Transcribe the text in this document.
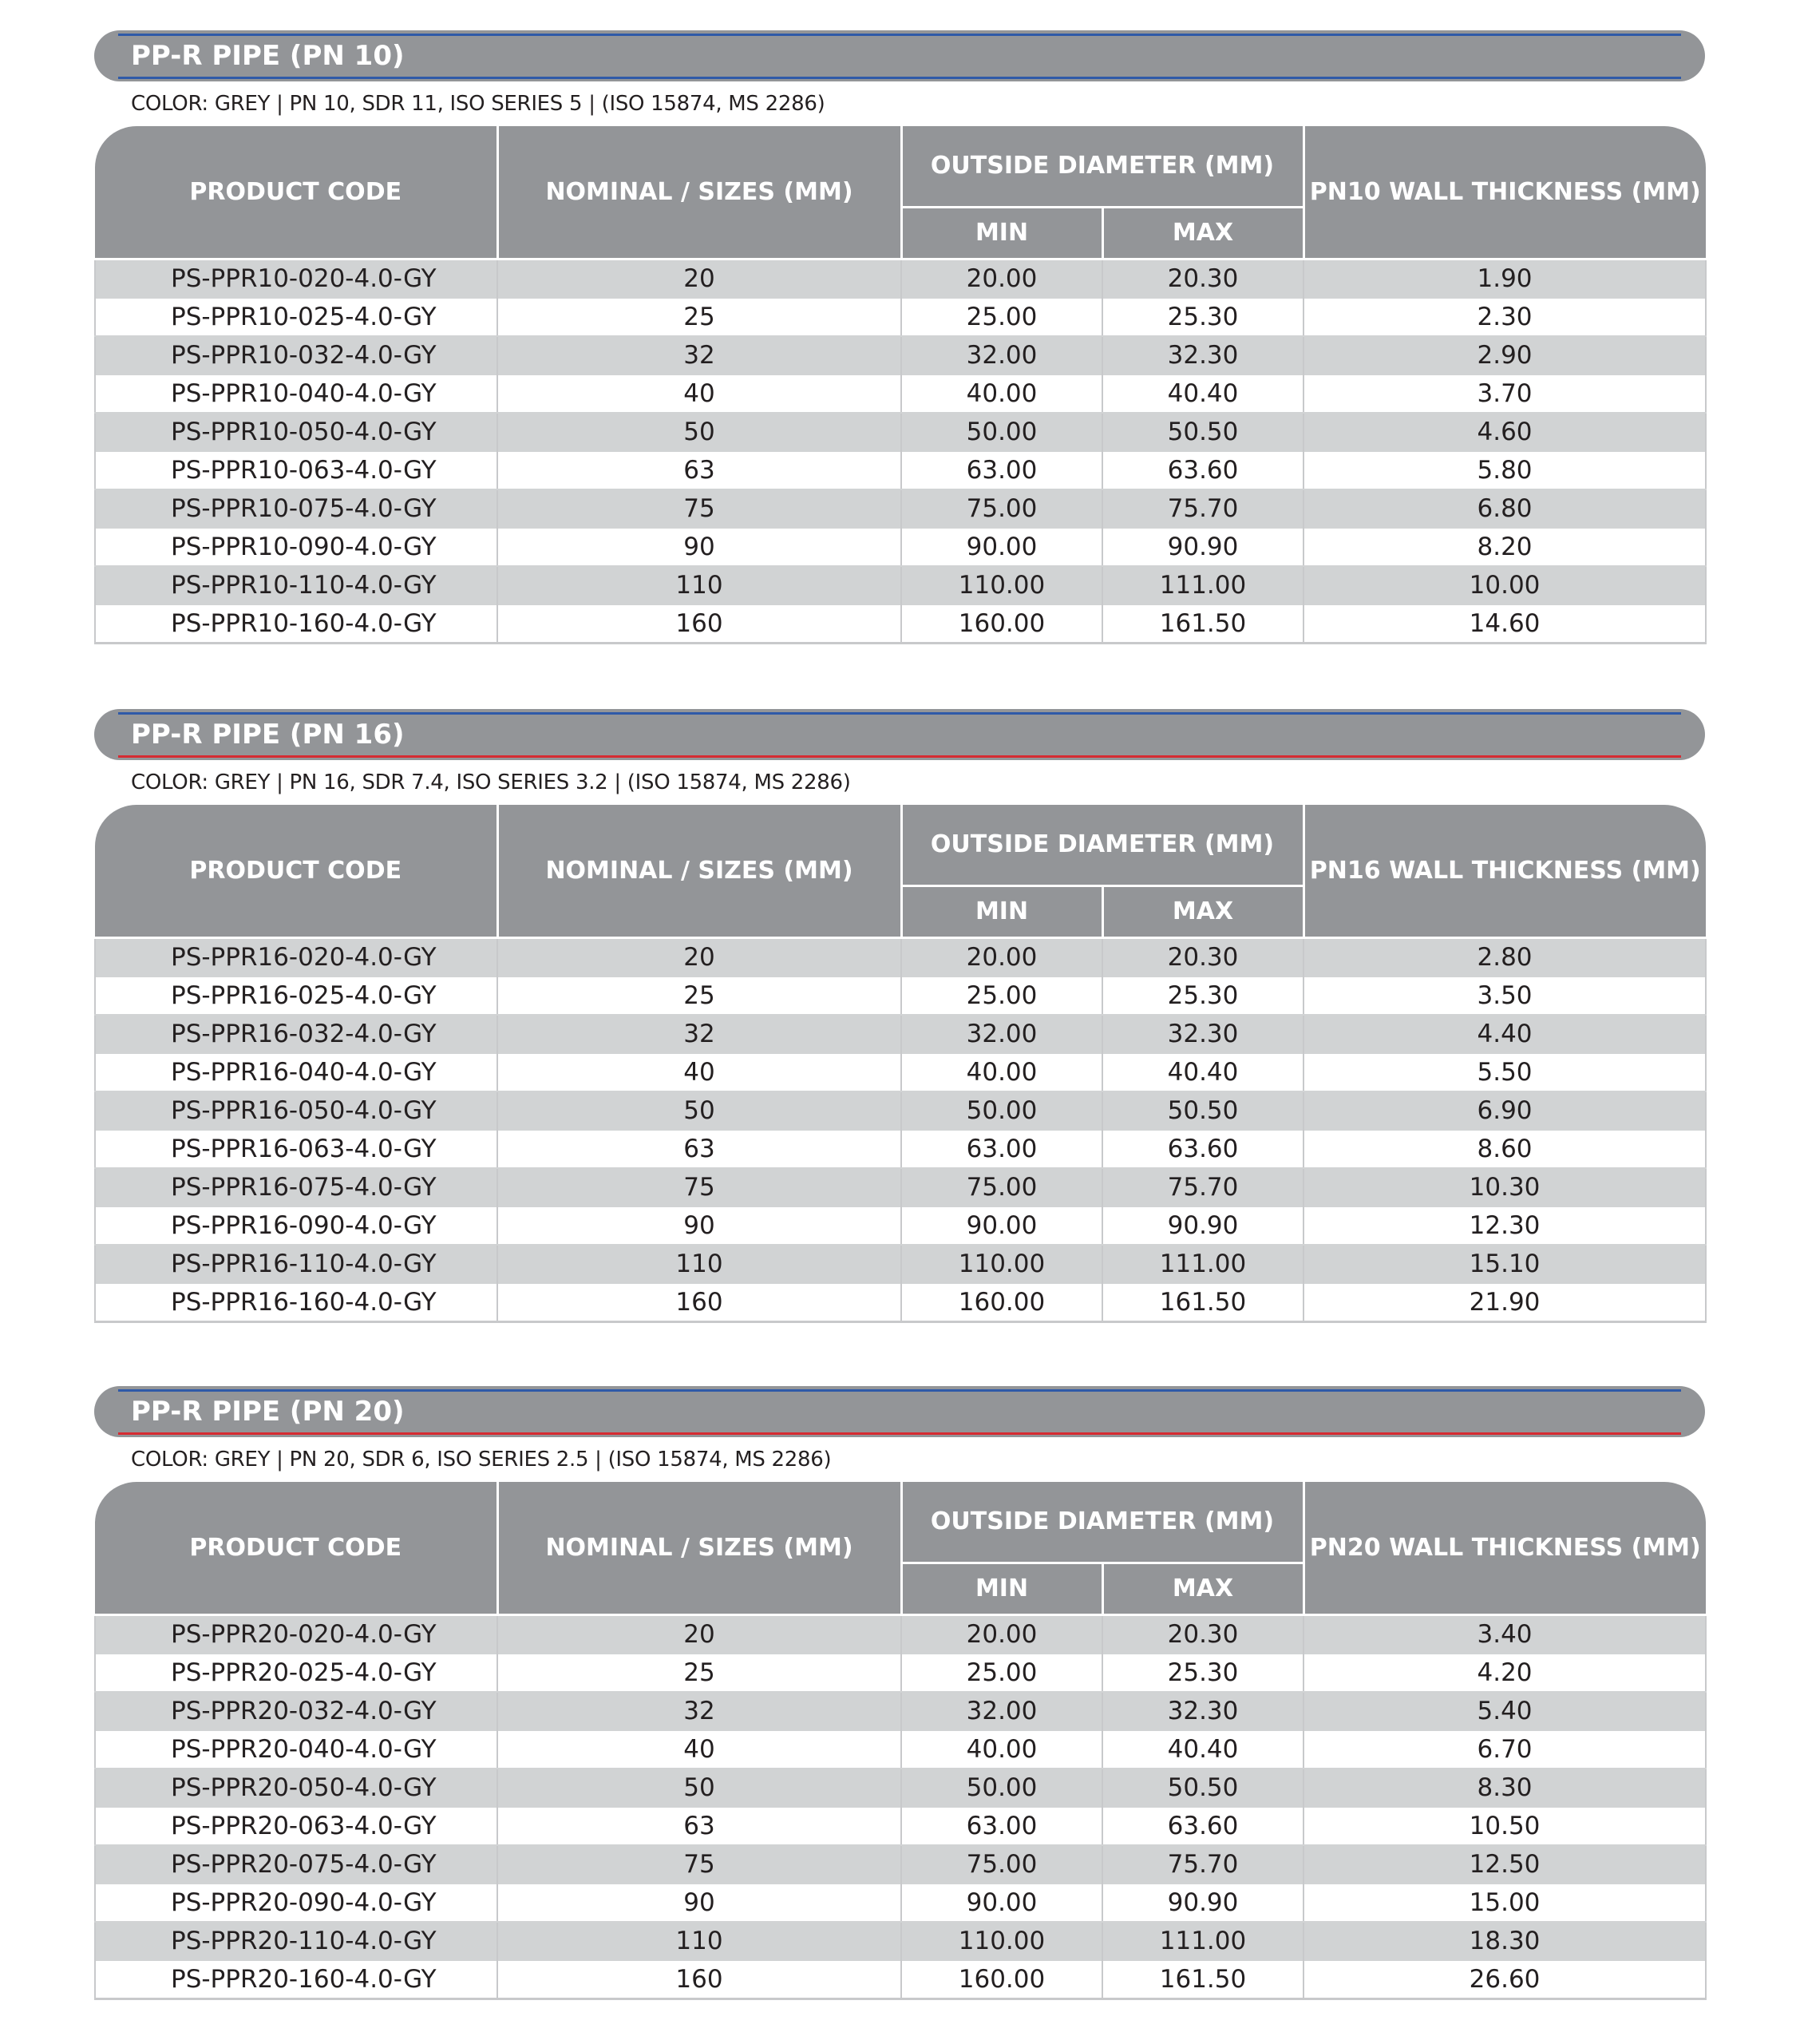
PP-R PIPE (PN 10)
COLOR: GREY | PN 10, SDR 11, ISO SERIES 5 | (ISO 15874, MS 2286)
PRODUCT CODE	NOMINAL / SIZES (MM)	OUTSIDE DIAMETER (MM)		PN10 WALL THICKNESS (MM)
		MIN	MAX	
PS-PPR10-020-4.0-GY	20	20.00	20.30	1.90
PS-PPR10-025-4.0-GY	25	25.00	25.30	2.30
PS-PPR10-032-4.0-GY	32	32.00	32.30	2.90
PS-PPR10-040-4.0-GY	40	40.00	40.40	3.70
PS-PPR10-050-4.0-GY	50	50.00	50.50	4.60
PS-PPR10-063-4.0-GY	63	63.00	63.60	5.80
PS-PPR10-075-4.0-GY	75	75.00	75.70	6.80
PS-PPR10-090-4.0-GY	90	90.00	90.90	8.20
PS-PPR10-110-4.0-GY	110	110.00	111.00	10.00
PS-PPR10-160-4.0-GY	160	160.00	161.50	14.60
PP-R PIPE (PN 16)
COLOR: GREY | PN 16, SDR 7.4, ISO SERIES 3.2 | (ISO 15874, MS 2286)
PRODUCT CODE	NOMINAL / SIZES (MM)	OUTSIDE DIAMETER (MM)		PN16 WALL THICKNESS (MM)
		MIN	MAX	
PS-PPR16-020-4.0-GY	20	20.00	20.30	2.80
PS-PPR16-025-4.0-GY	25	25.00	25.30	3.50
PS-PPR16-032-4.0-GY	32	32.00	32.30	4.40
PS-PPR16-040-4.0-GY	40	40.00	40.40	5.50
PS-PPR16-050-4.0-GY	50	50.00	50.50	6.90
PS-PPR16-063-4.0-GY	63	63.00	63.60	8.60
PS-PPR16-075-4.0-GY	75	75.00	75.70	10.30
PS-PPR16-090-4.0-GY	90	90.00	90.90	12.30
PS-PPR16-110-4.0-GY	110	110.00	111.00	15.10
PS-PPR16-160-4.0-GY	160	160.00	161.50	21.90
PP-R PIPE (PN 20)
COLOR: GREY | PN 20, SDR 6, ISO SERIES 2.5 | (ISO 15874, MS 2286)
PRODUCT CODE	NOMINAL / SIZES (MM)	OUTSIDE DIAMETER (MM)		PN20 WALL THICKNESS (MM)
		MIN	MAX	
PS-PPR20-020-4.0-GY	20	20.00	20.30	3.40
PS-PPR20-025-4.0-GY	25	25.00	25.30	4.20
PS-PPR20-032-4.0-GY	32	32.00	32.30	5.40
PS-PPR20-040-4.0-GY	40	40.00	40.40	6.70
PS-PPR20-050-4.0-GY	50	50.00	50.50	8.30
PS-PPR20-063-4.0-GY	63	63.00	63.60	10.50
PS-PPR20-075-4.0-GY	75	75.00	75.70	12.50
PS-PPR20-090-4.0-GY	90	90.00	90.90	15.00
PS-PPR20-110-4.0-GY	110	110.00	111.00	18.30
PS-PPR20-160-4.0-GY	160	160.00	161.50	26.60
